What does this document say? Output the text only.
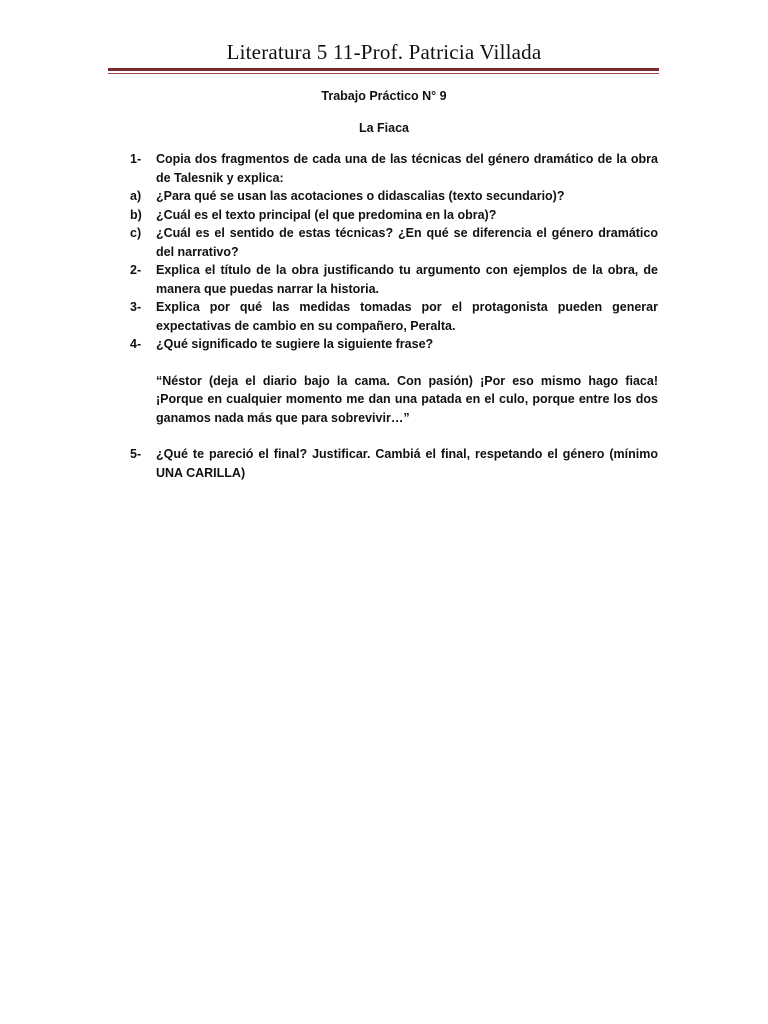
Literatura 5 11-Prof. Patricia Villada
Trabajo Práctico N° 9
La Fiaca
1-	Copia dos fragmentos de cada una de las técnicas del género dramático de la obra de Talesnik y explica:
a)	¿Para qué se usan las acotaciones o didascalias (texto secundario)?
b)	¿Cuál es el texto principal (el que predomina en la obra)?
c)	¿Cuál es el sentido de estas técnicas? ¿En qué se diferencia el género dramático del narrativo?
2-	Explica el título de la obra justificando tu argumento con ejemplos de la obra, de manera que puedas narrar la historia.
3-	Explica por qué las medidas tomadas por el protagonista pueden generar expectativas de cambio en su compañero, Peralta.
4-	¿Qué significado te sugiere la siguiente frase?
“Néstor (deja el diario bajo la cama. Con pasión) ¡Por eso mismo hago fiaca! ¡Porque en cualquier momento me dan una patada en el culo, porque entre los dos ganamos nada más que para sobrevivir…”
5-	¿Qué te pareció el final? Justificar. Cambiá el final, respetando el género (mínimo UNA CARILLA)
